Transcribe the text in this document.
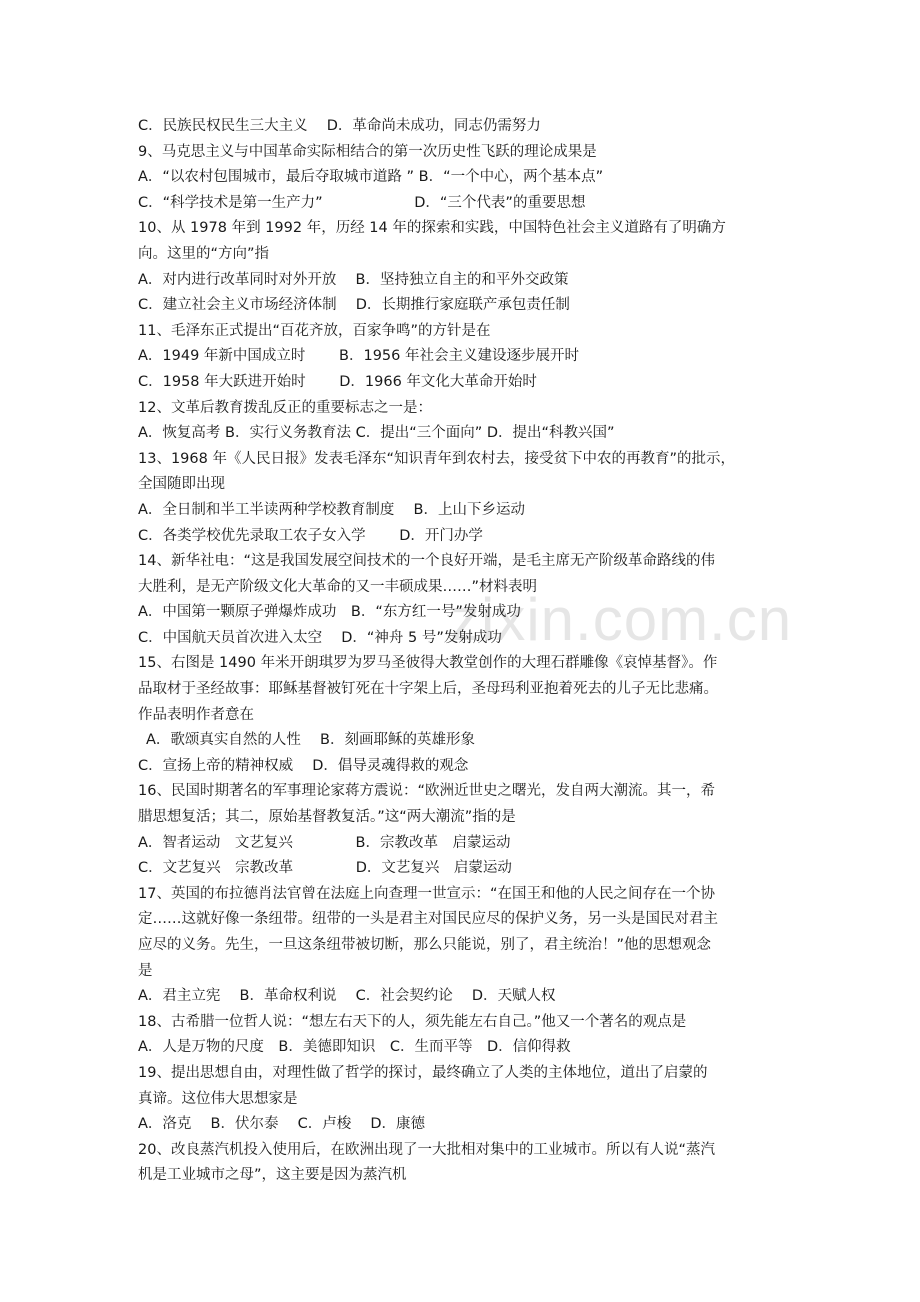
zixin.com.cn
C．民族民权民生三大主义　 D．革命尚未成功，同志仍需努力
9、马克思主义与中国革命实际相结合的第一次历史性飞跃的理论成果是
A．“以农村包围城市，最后夺取城市道路 ” B．“一个中心，两个基本点”
C．“科学技术是第一生产力”　　　　　　 D．“三个代表”的重要思想
10、从 1978 年到 1992 年，历经 14 年的探索和实践，中国特色社会主义道路有了明确方
向。这里的“方向”指
A．对内进行改革同时对外开放　 B．坚持独立自主的和平外交政策
C．建立社会主义市场经济体制　 D．长期推行家庭联产承包责任制
11、毛泽东正式提出“百花齐放，百家争鸣”的方针是在
A．1949 年新中国成立时　　 B．1956 年社会主义建设逐步展开时
C．1958 年大跃进开始时　　 D．1966 年文化大革命开始时
12、文革后教育拨乱反正的重要标志之一是：
A．恢复高考 B．实行义务教育法 C．提出“三个面向” D．提出“科教兴国”
13、1968 年《人民日报》发表毛泽东“知识青年到农村去，接受贫下中农的再教育”的批示，
全国随即出现
A．全日制和半工半读两种学校教育制度　 B．上山下乡运动
C．各类学校优先录取工农子女入学　　 D．开门办学
14、新华社电：“这是我国发展空间技术的一个良好开端，是毛主席无产阶级革命路线的伟
大胜利，是无产阶级文化大革命的又一丰硕成果……”材料表明
A．中国第一颗原子弹爆炸成功　B．“东方红一号”发射成功
C．中国航天员首次进入太空　 D．“神舟 5 号”发射成功
15、右图是 1490 年米开朗琪罗为罗马圣彼得大教堂创作的大理石群雕像《哀悼基督》。作
品取材于圣经故事：耶稣基督被钉死在十字架上后，圣母玛利亚抱着死去的儿子无比悲痛。
作品表明作者意在
A．歌颂真实自然的人性　 B．刻画耶稣的英雄形象
C．宣扬上帝的精神权威　 D．倡导灵魂得救的观念
16、民国时期著名的军事理论家蒋方震说：“欧洲近世史之曙光，发自两大潮流。其一，希
腊思想复活；其二，原始基督教复活。”这“两大潮流”指的是
A．智者运动　文艺复兴　　　　 B．宗教改革　启蒙运动
C．文艺复兴　宗教改革　　　　 D．文艺复兴　启蒙运动
17、英国的布拉德肖法官曾在法庭上向查理一世宣示：“在国王和他的人民之间存在一个协
定……这就好像一条纽带。纽带的一头是君主对国民应尽的保护义务，另一头是国民对君主
应尽的义务。先生，一旦这条纽带被切断，那么只能说，别了，君主统治！”他的思想观念
是
A．君主立宪　 B．革命权利说　 C．社会契约论　 D．天赋人权
18、古希腊一位哲人说：“想左右天下的人，须先能左右自己。”他又一个著名的观点是
A．人是万物的尺度　B．美德即知识　C．生而平等　D．信仰得救
19、提出思想自由，对理性做了哲学的探讨，最终确立了人类的主体地位，道出了启蒙的
真谛。这位伟大思想家是
A．洛克　 B．伏尔泰　 C．卢梭　 D．康德
20、改良蒸汽机投入使用后，在欧洲出现了一大批相对集中的工业城市。所以有人说“蒸汽
机是工业城市之母”，这主要是因为蒸汽机
